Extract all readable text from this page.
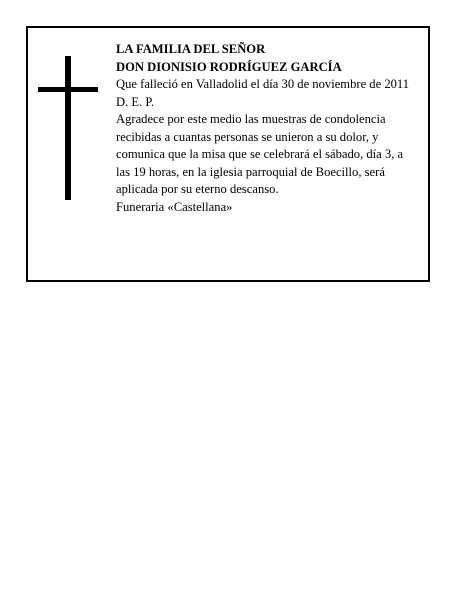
LA FAMILIA DEL SEÑOR
DON DIONISIO RODRÍGUEZ GARCÍA
Que falleció en Valladolid el día 30 de noviembre de 2011
D. E. P.
Agradece por este medio las muestras de condolencia recibidas a cuantas personas se unieron a su dolor, y comunica que la misa que se celebrará el sábado, día 3, a las 19 horas, en la iglesia parroquial de Boecillo, será aplicada por su eterno descanso.
Funeraria «Castellana»
